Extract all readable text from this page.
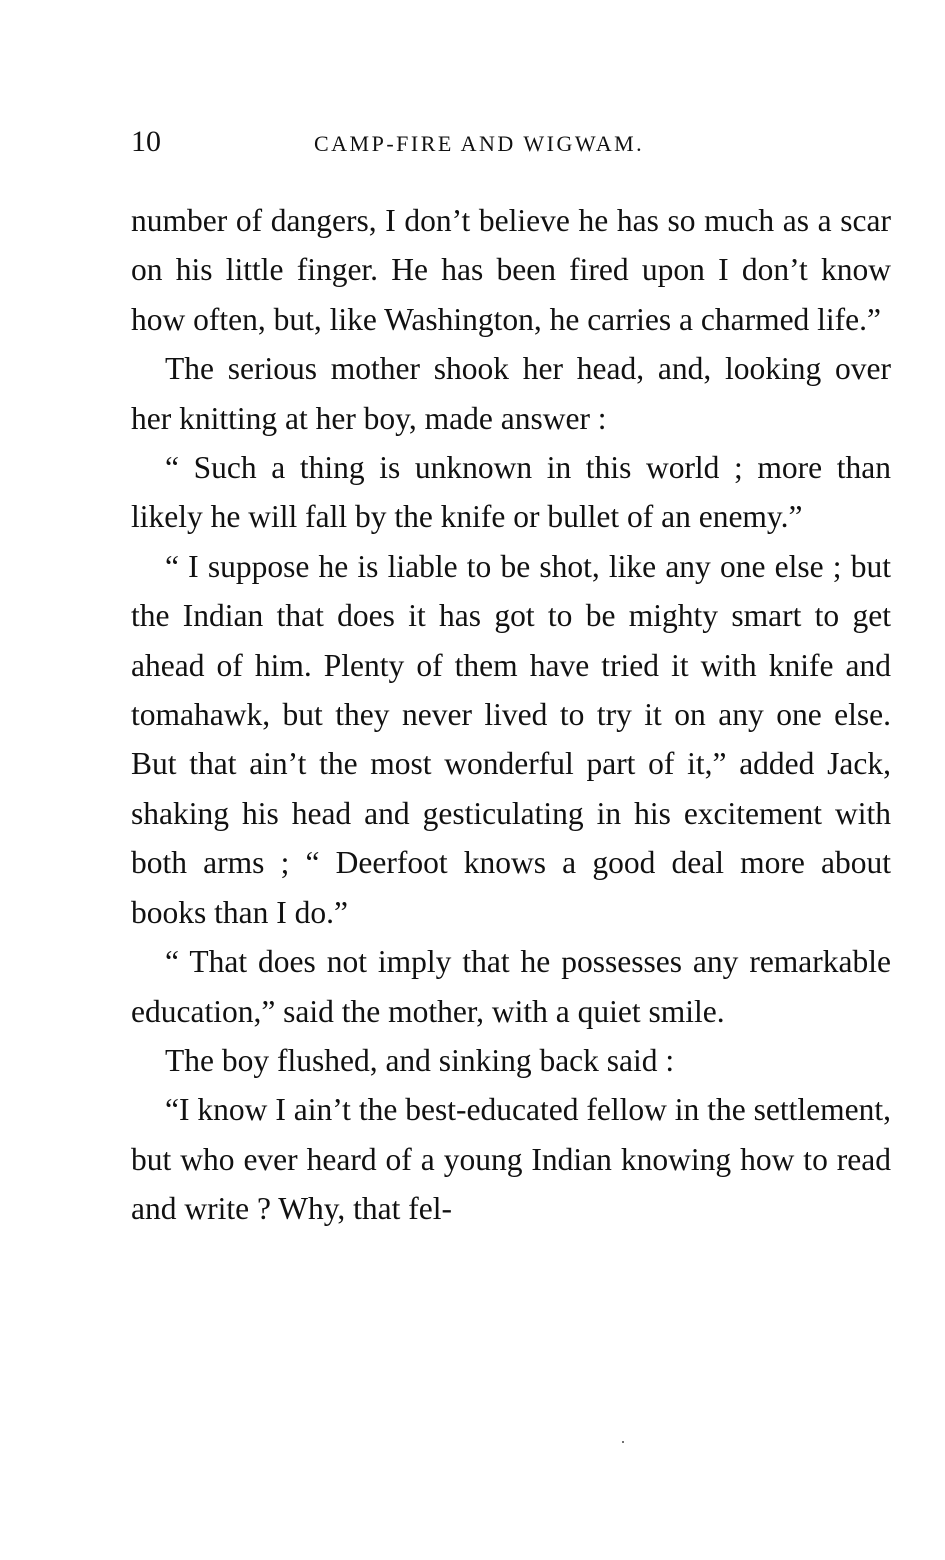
10	CAMP-FIRE AND WIGWAM.

number of dangers, I don’t believe he has so much as a scar on his little finger. He has been fired upon I don’t know how often, but, like Washington, he carries a charmed life.”

The serious mother shook her head, and, looking over her knitting at her boy, made answer :

“ Such a thing is unknown in this world ; more than likely he will fall by the knife or bullet of an enemy.”

“ I suppose he is liable to be shot, like any one else ; but the Indian that does it has got to be mighty smart to get ahead of him. Plenty of them have tried it with knife and tomahawk, but they never lived to try it on any one else. But that ain’t the most wonderful part of it,” added Jack, shaking his head and gesticulating in his excitement with both arms ; “ Deerfoot knows a good deal more about books than I do.”

“ That does not imply that he possesses any remarkable education,” said the mother, with a quiet smile.

The boy flushed, and sinking back said :

“I know I ain’t the best-educated fellow in the settlement, but who ever heard of a young Indian knowing how to read and write ? Why, that fel-
